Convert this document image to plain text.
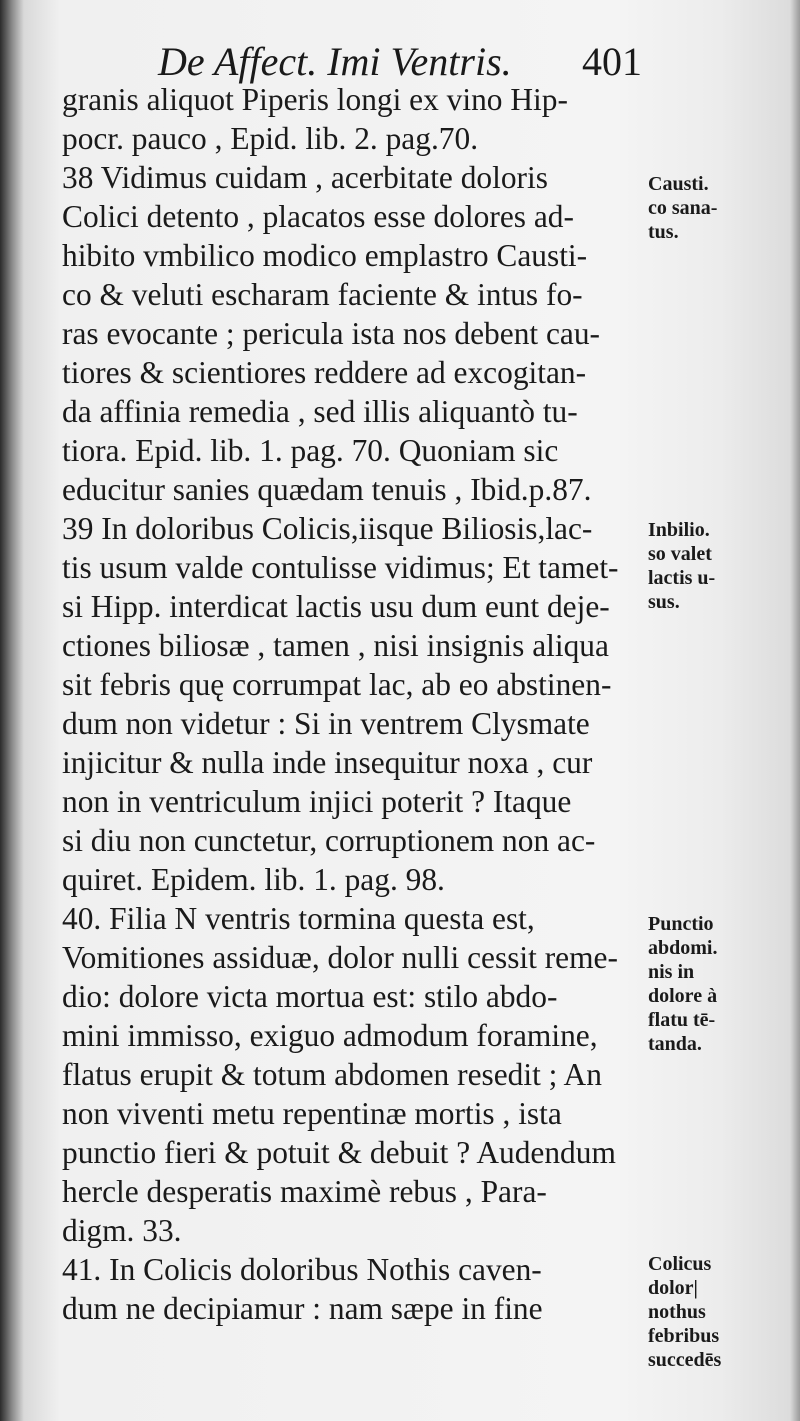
De Affect. Imi Ventris. 401
granis aliquot Piperis longi ex vino Hip-
pocr. pauco , Epid. lib. 2. pag.70.
38 Vidimus cuidam , acerbitate doloris
Colici detento , placatos esse dolores ad-
hibito vmbilico modico emplastro Causti-
co & veluti escharam faciente & intus fo-
ras evocante ; pericula ista nos debent cau-
tiores & scientiores reddere ad excogitan-
da affinia remedia , sed illis aliquantò tu-
tiora. Epid. lib. 1. pag. 70. Quoniam sic
educitur sanies quædam tenuis , Ibid.p.87.
39 In doloribus Colicis,iisque Biliosis,lac-
tis usum valde contulisse vidimus; Et tamet-
si Hipp. interdicat lactis usu dum eunt deje-
ctiones biliosæ , tamen , nisi insignis aliqua
sit febris quę corrumpat lac, ab eo abstinen-
dum non videtur : Si in ventrem Clysmate
injicitur & nulla inde insequitur noxa , cur
non in ventriculum injici poterit ? Itaque
si diu non cunctetur, corruptionem non ac-
quiret. Epidem. lib. 1. pag. 98.
40. Filia N ventris tormina questa est,
Vomitiones assiduæ, dolor nulli cessit reme-
dio: dolore victa mortua est: stilo abdo-
mini immisso, exiguo admodum foramine,
flatus erupit & totum abdomen resedit ; An
non viventi metu repentinæ mortis , ista
punctio fieri & potuit & debuit ? Audendum
hercle desperatis maximè rebus , Para-
digm. 33.
41. In Colicis doloribus Nothis caven-
dum ne decipiamur : nam sæpe in fine
Causti.
co sana-
tus.
Inbilio.
so valet
lactis u-
sus.
Punctio
abdomi.
nis in
dolore à
flatu tē-
tanda.
Colicus
dolor|
nothus
febribus
succedēs
